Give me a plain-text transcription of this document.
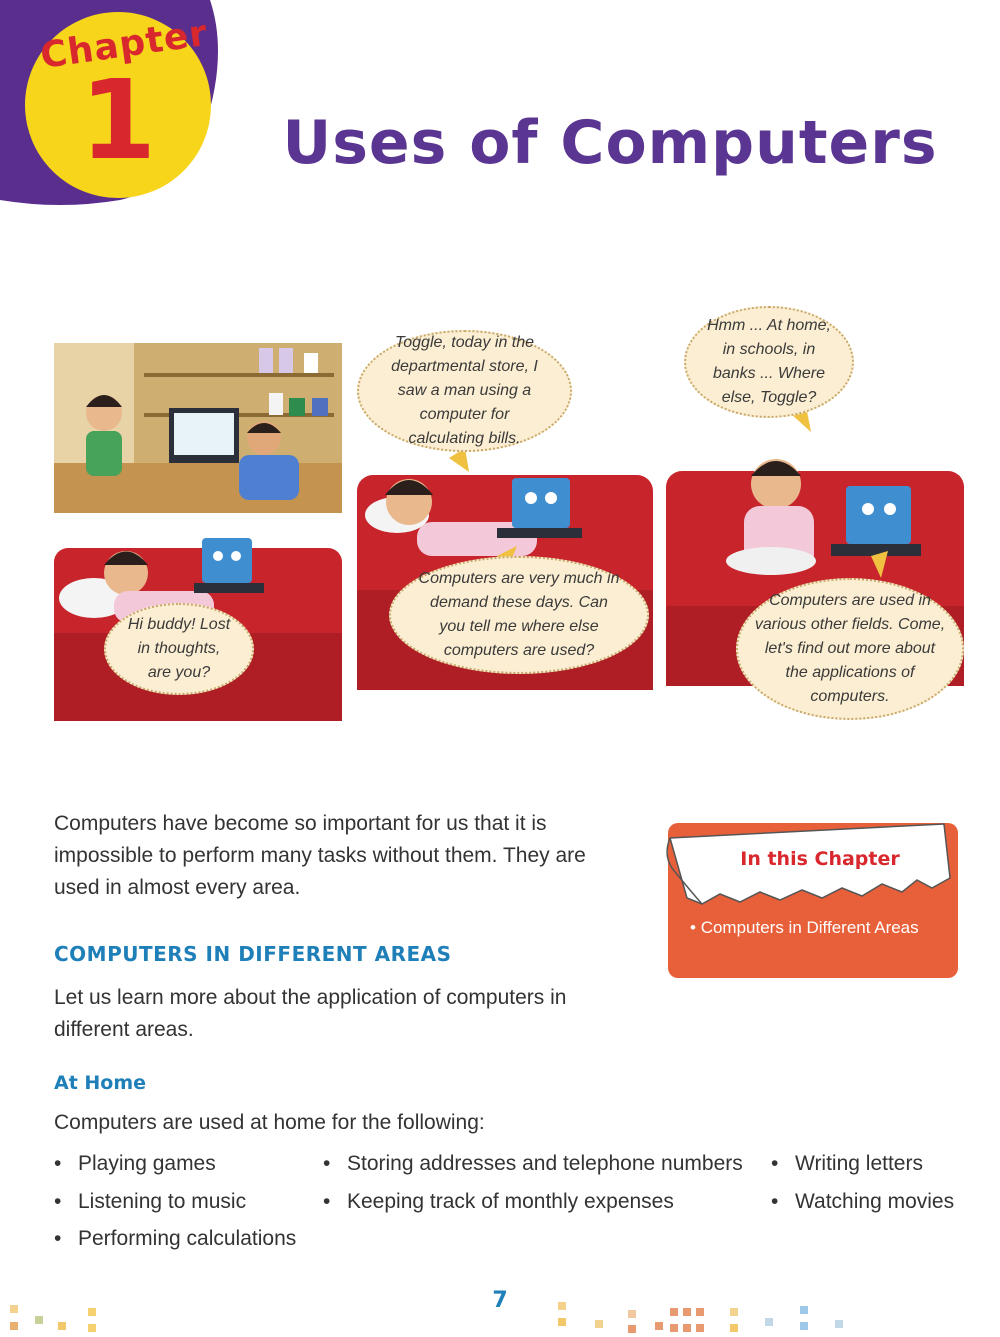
Chapter
1	Uses of Computers
Hi buddy! Lost in thoughts, are you?
Toggle, today in the departmental store, I saw a man using a computer for calculating bills.
Computers are very much in demand these days. Can you tell me where else computers are used?
Hmm ... At home, in schools, in banks ... Where else, Toggle?
Computers are used in various other fields. Come, let's find out more about the applications of computers.
Computers have become so important for us that it is impossible to perform many tasks without them. They are used in almost every area.
In this Chapter
• Computers in Different Areas
COMPUTERS IN DIFFERENT AREAS
Let us learn more about the application of computers in different areas.
At Home
Computers are used at home for the following:
• Playing games
• Listening to music
• Performing calculations
• Storing addresses and telephone numbers
• Keeping track of monthly expenses
• Writing letters
• Watching movies
7
